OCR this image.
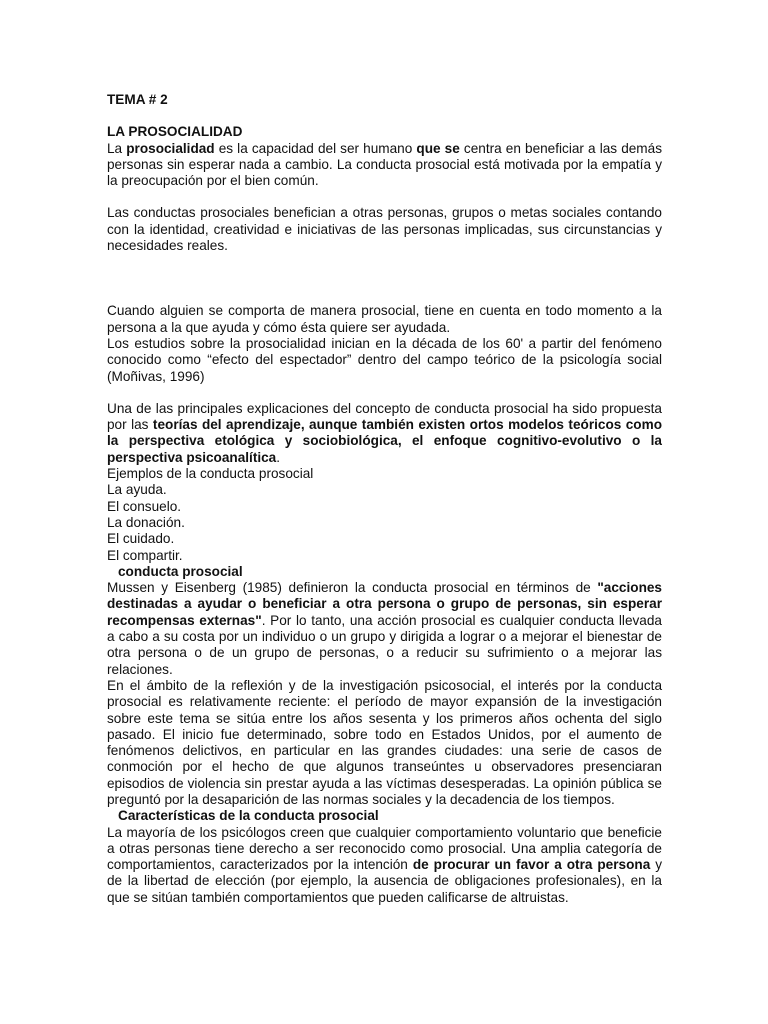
TEMA # 2

LA PROSOCIALIDAD

La prosocialidad es la capacidad del ser humano que se centra en beneficiar a las demás personas sin esperar nada a cambio. La conducta prosocial está motivada por la empatía y la preocupación por el bien común.

Las conductas prosociales benefician a otras personas, grupos o metas sociales contando con la identidad, creatividad e iniciativas de las personas implicadas, sus circunstancias y necesidades reales.

Cuando alguien se comporta de manera prosocial, tiene en cuenta en todo momento a la persona a la que ayuda y cómo ésta quiere ser ayudada.

Los estudios sobre la prosocialidad inician en la década de los 60' a partir del fenómeno conocido como “efecto del espectador” dentro del campo teórico de la psicología social (Moñivas, 1996)

Una de las principales explicaciones del concepto de conducta prosocial ha sido propuesta por las teorías del aprendizaje, aunque también existen ortos modelos teóricos como la perspectiva etológica y sociobiológica, el enfoque cognitivo-evolutivo o la perspectiva psicoanalítica.

Ejemplos de la conducta prosocial

La ayuda.

El consuelo.

La donación.

El cuidado.

El compartir.

conducta prosocial

Mussen y Eisenberg (1985) definieron la conducta prosocial en términos de "acciones destinadas a ayudar o beneficiar a otra persona o grupo de personas, sin esperar recompensas externas". Por lo tanto, una acción prosocial es cualquier conducta llevada a cabo a su costa por un individuo o un grupo y dirigida a lograr o a mejorar el bienestar de otra persona o de un grupo de personas, o a reducir su sufrimiento o a mejorar las relaciones.

En el ámbito de la reflexión y de la investigación psicosocial, el interés por la conducta prosocial es relativamente reciente: el período de mayor expansión de la investigación sobre este tema se sitúa entre los años sesenta y los primeros años ochenta del siglo pasado. El inicio fue determinado, sobre todo en Estados Unidos, por el aumento de fenómenos delictivos, en particular en las grandes ciudades: una serie de casos de conmoción por el hecho de que algunos transeúntes u observadores presenciaran episodios de violencia sin prestar ayuda a las víctimas desesperadas. La opinión pública se preguntó por la desaparición de las normas sociales y la decadencia de los tiempos.

Características de la conducta prosocial

La mayoría de los psicólogos creen que cualquier comportamiento voluntario que beneficie a otras personas tiene derecho a ser reconocido como prosocial. Una amplia categoría de comportamientos, caracterizados por la intención de procurar un favor a otra persona y de la libertad de elección (por ejemplo, la ausencia de obligaciones profesionales), en la que se sitúan también comportamientos que pueden calificarse de altruistas.
